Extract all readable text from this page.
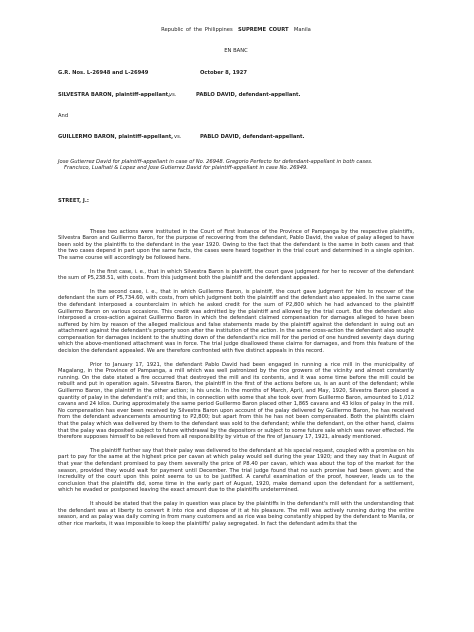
Republic of the Philippines SUPREME COURT Manila
EN BANC
G.R. Nos. L-26948 and L-26949	October 8, 1927
SILVESTRA BARON, plaintiff-appellant,
vs.	PABLO DAVID, defendant-appellant.
And
GUILLERMO BARON, plaintiff-appellant, vs.	PABLO DAVID, defendant-appellant.
Jose Gutierrez David for plaintiff-appellant in case of No. 26948. Gregorio Perfecto for defendant-appellant in both cases.
Francisco, Lualhati & Lopez and Jose Gutierrez David for plaintiff-appellant in case No. 26949.
STREET, J.:

These two actions were instituted in the Court of First Instance of the Province of Pampanga by the respective plaintiffs, Silvestra Baron and Guillermo Baron, for the purpose of recovering from the defendant, Pablo David, the value of palay alleged to have been sold by the plaintiffs to the defendant in the year 1920. Owing to the fact that the defendant is the same in both cases and that the two cases depend in part upon the same facts, the cases were heard together in the trial court and determined in a single opinion. The same course will accordingly be followed here.

In the first case, i. e., that in which Silvestra Baron is plaintiff, the court gave judgment for her to recover of the defendant the sum of P5,238.51, with costs. From this judgment both the plaintiff and the defendant appealed.

In the second case, i. e., that in which Guillermo Baron, is plaintiff, the court gave judgment for him to recover of the defendant the sum of P5,734.60, with costs, from which judgment both the plaintiff and the defendant also appealed. In the same case the defendant interposed a counterclaim in which he asked credit for the sum of P2,800 which he had advanced to the plaintiff Guillermo Baron on various occasions. This credit was admitted by the plaintiff and allowed by the trial court. But the defendant also interposed a cross-action against Guillermo Baron in which the defendant claimed compensation for damages alleged to have been suffered by him by reason of the alleged malicious and false statements made by the plaintiff against the defendant in suing out an attachment against the defendant's property soon after the institution of the action. In the same cross-action the defendant also sought compensation for damages incident to the shutting down of the defendant's rice mill for the period of one hundred seventy days during which the above-mentioned attachment was in force. The trial judge disallowed these claims for damages, and from this feature of the decision the defendant appealed. We are therefore confronted with five distinct appeals in this record.

Prior to January 17, 1921, the defendant Pablo David had been engaged in running a rice mill in the municipality of Magalang, in the Province of Pampanga, a mill which was well patronized by the rice growers of the vicinity and almost constantly running. On the date stated a fire occurred that destroyed the mill and its contents, and it was some time before the mill could be rebuilt and put in operation again. Silvestra Baron, the plaintiff in the first of the actions before us, is an aunt of the defendant; while Guillermo Baron, the plaintiff in the other action; is his uncle. In the months of March, April, and May, 1920, Silvestra Baron placed a quantity of palay in the defendant's mill; and this, in connection with some that she took over from Guillermo Baron, amounted to 1,012 cavans and 24 kilos. During approximately the same period Guillermo Baron placed other 1,865 cavans and 43 kilos of palay in the mill. No compensation has ever been received by Silvestra Baron upon account of the palay delivered by Guillermo Baron, he has received from the defendant advancements amounting to P2,800; but apart from this he has not been compensated. Both the plaintiffs claim that the palay which was delivered by them to the defendant was sold to the defendant; while the defendant, on the other hand, claims that the palay was deposited subject to future withdrawal by the depositors or subject to some future sale which was never effected. He therefore supposes himself to be relieved from all responsibility by virtue of the fire of January 17, 1921, already mentioned.

The plaintiff further say that their palay was delivered to the defendant at his special request, coupled with a promise on his part to pay for the same at the highest price per cavan at which palay would sell during the year 1920; and they say that in August of that year the defendant promised to pay them severally the price of P8.40 per cavan, which was about the top of the market for the season, provided they would wait for payment until December. The trial judge found that no such promise had been given; and the incredulity of the court upon this point seems to us to be justified. A careful examination of the proof, however, leads us to the conclusion that the plaintiffs did, some time in the early part of August, 1920, make demand upon the defendant for a settlement, which he evaded or postponed leaving the exact amount due to the plaintiffs undetermined.

It should be stated that the palay in question was place by the plaintiffs in the defendant's mill with the understanding that the defendant was at liberty to convert it into rice and dispose of it at his pleasure. The mill was actively running during the entire season, and as palay was daily coming in from many customers and as rice was being constantly shipped by the defendant to Manila, or other rice markets, it was impossible to keep the plaintiffs' palay segregated. In fact the defendant admits that the
